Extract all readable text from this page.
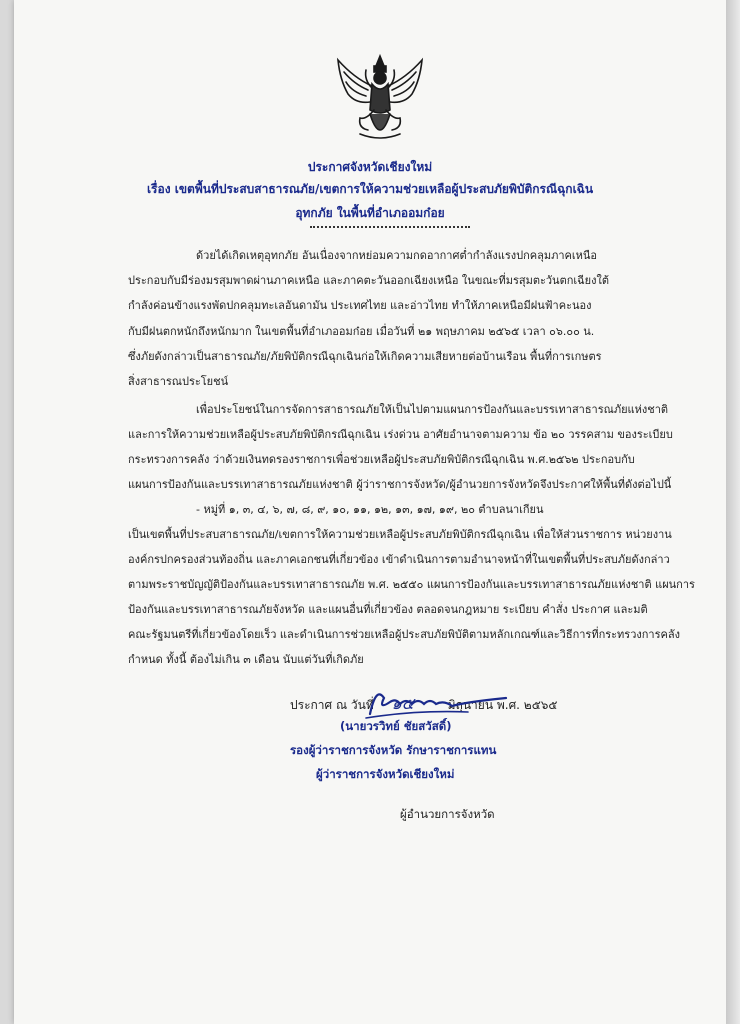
ประกาศจังหวัดเชียงใหม่
เรื่อง เขตพื้นที่ประสบสาธารณภัย/เขตการให้ความช่วยเหลือผู้ประสบภัยพิบัติกรณีฉุกเฉิน
อุทกภัย ในพื้นที่อำเภออมก๋อย
ด้วยได้เกิดเหตุอุทกภัย อันเนื่องจากหย่อมความกดอากาศต่ำกำลังแรงปกคลุมภาคเหนือ
ประกอบกับมีร่องมรสุมพาดผ่านภาคเหนือ และภาคตะวันออกเฉียงเหนือ ในขณะที่มรสุมตะวันตกเฉียงใต้
กำลังค่อนข้างแรงพัดปกคลุมทะเลอันดามัน ประเทศไทย และอ่าวไทย ทำให้ภาคเหนือมีฝนฟ้าคะนอง
กับมีฝนตกหนักถึงหนักมาก ในเขตพื้นที่อำเภออมก๋อย เมื่อวันที่ ๒๑ พฤษภาคม ๒๕๖๕ เวลา ๐๖.๐๐ น.
ซึ่งภัยดังกล่าวเป็นสาธารณภัย/ภัยพิบัติกรณีฉุกเฉินก่อให้เกิดความเสียหายต่อบ้านเรือน พื้นที่การเกษตร
สิ่งสาธารณประโยชน์
เพื่อประโยชน์ในการจัดการสาธารณภัยให้เป็นไปตามแผนการป้องกันและบรรเทาสาธารณภัยแห่งชาติ
และการให้ความช่วยเหลือผู้ประสบภัยพิบัติกรณีฉุกเฉิน เร่งด่วน อาศัยอำนาจตามความ ข้อ ๒๐ วรรคสาม ของระเบียบ
กระทรวงการคลัง ว่าด้วยเงินทดรองราชการเพื่อช่วยเหลือผู้ประสบภัยพิบัติกรณีฉุกเฉิน พ.ศ.๒๕๖๒ ประกอบกับ
แผนการป้องกันและบรรเทาสาธารณภัยแห่งชาติ ผู้ว่าราชการจังหวัด/ผู้อำนวยการจังหวัดจึงประกาศให้พื้นที่ดังต่อไปนี้
- หมู่ที่ ๑, ๓, ๔, ๖, ๗, ๘, ๙, ๑๐, ๑๑, ๑๒, ๑๓, ๑๗, ๑๙, ๒๐ ตำบลนาเกียน
เป็นเขตพื้นที่ประสบสาธารณภัย/เขตการให้ความช่วยเหลือผู้ประสบภัยพิบัติกรณีฉุกเฉิน เพื่อให้ส่วนราชการ หน่วยงาน
องค์กรปกครองส่วนท้องถิ่น และภาคเอกชนที่เกี่ยวข้อง เข้าดำเนินการตามอำนาจหน้าที่ในเขตพื้นที่ประสบภัยดังกล่าว
ตามพระราชบัญญัติป้องกันและบรรเทาสาธารณภัย พ.ศ. ๒๕๕๐ แผนการป้องกันและบรรเทาสาธารณภัยแห่งชาติ แผนการ
ป้องกันและบรรเทาสาธารณภัยจังหวัด และแผนอื่นที่เกี่ยวข้อง ตลอดจนกฎหมาย ระเบียบ คำสั่ง ประกาศ และมติ
คณะรัฐมนตรีที่เกี่ยวข้องโดยเร็ว และดำเนินการช่วยเหลือผู้ประสบภัยพิบัติตามหลักเกณฑ์และวิธีการที่กระทรวงการคลัง
กำหนด ทั้งนี้ ต้องไม่เกิน ๓ เดือน นับแต่วันที่เกิดภัย
ประกาศ ณ วันที่ ๑๕	มิถุนายน พ.ศ. ๒๕๖๕
(นายวรวิทย์ ชัยสวัสดิ์)
รองผู้ว่าราชการจังหวัด รักษาราชการแทน
ผู้ว่าราชการจังหวัดเชียงใหม่
ผู้อำนวยการจังหวัด
